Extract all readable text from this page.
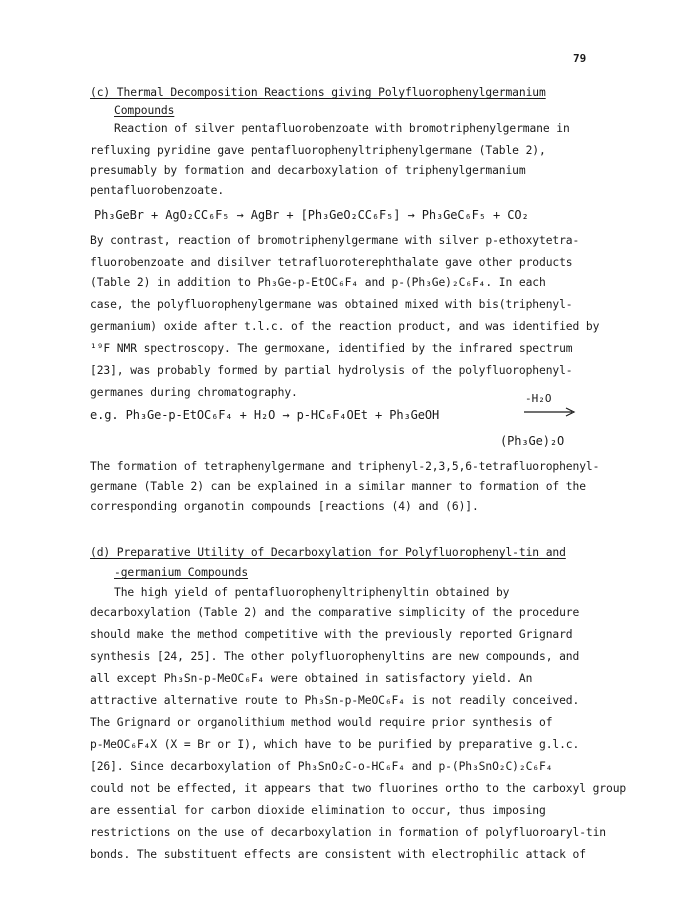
79
(c) Thermal Decomposition Reactions giving Polyfluorophenylgermanium
Compounds
Reaction of silver pentafluorobenzoate with bromotriphenylgermane in
refluxing pyridine gave pentafluorophenyltriphenylgermane (Table 2),
presumably by formation and decarboxylation of triphenylgermanium
pentafluorobenzoate.
Ph₃GeBr + AgO₂CC₆F₅ → AgBr + [Ph₃GeO₂CC₆F₅] → Ph₃GeC₆F₅ + CO₂
By contrast, reaction of bromotriphenylgermane with silver p-ethoxytetra-
fluorobenzoate and disilver tetrafluoroterephthalate gave other products
(Table 2) in addition to Ph₃Ge-p-EtOC₆F₄ and p-(Ph₃Ge)₂C₆F₄. In each
case, the polyfluorophenylgermane was obtained mixed with bis(triphenyl-
germanium) oxide after t.l.c. of the reaction product, and was identified by
¹⁹F NMR spectroscopy. The germoxane, identified by the infrared spectrum
[23], was probably formed by partial hydrolysis of the polyfluorophenyl-
germanes during chromatography.
e.g. Ph₃Ge-p-EtOC₆F₄ + H₂O → p-HC₆F₄OEt + Ph₃GeOH
-H₂O
(Ph₃Ge)₂O
The formation of tetraphenylgermane and triphenyl-2,3,5,6-tetrafluorophenyl-
germane (Table 2) can be explained in a similar manner to formation of the
corresponding organotin compounds [reactions (4) and (6)].
(d) Preparative Utility of Decarboxylation for Polyfluorophenyl-tin and
-germanium Compounds
The high yield of pentafluorophenyltriphenyltin obtained by
decarboxylation (Table 2) and the comparative simplicity of the procedure
should make the method competitive with the previously reported Grignard
synthesis [24, 25]. The other polyfluorophenyltins are new compounds, and
all except Ph₃Sn-p-MeOC₆F₄ were obtained in satisfactory yield. An
attractive alternative route to Ph₃Sn-p-MeOC₆F₄ is not readily conceived.
The Grignard or organolithium method would require prior synthesis of
p-MeOC₆F₄X (X = Br or I), which have to be purified by preparative g.l.c.
[26]. Since decarboxylation of Ph₃SnO₂C-o-HC₆F₄ and p-(Ph₃SnO₂C)₂C₆F₄
could not be effected, it appears that two fluorines ortho to the carboxyl group
are essential for carbon dioxide elimination to occur, thus imposing
restrictions on the use of decarboxylation in formation of polyfluoroaryl-tin
bonds. The substituent effects are consistent with electrophilic attack of
